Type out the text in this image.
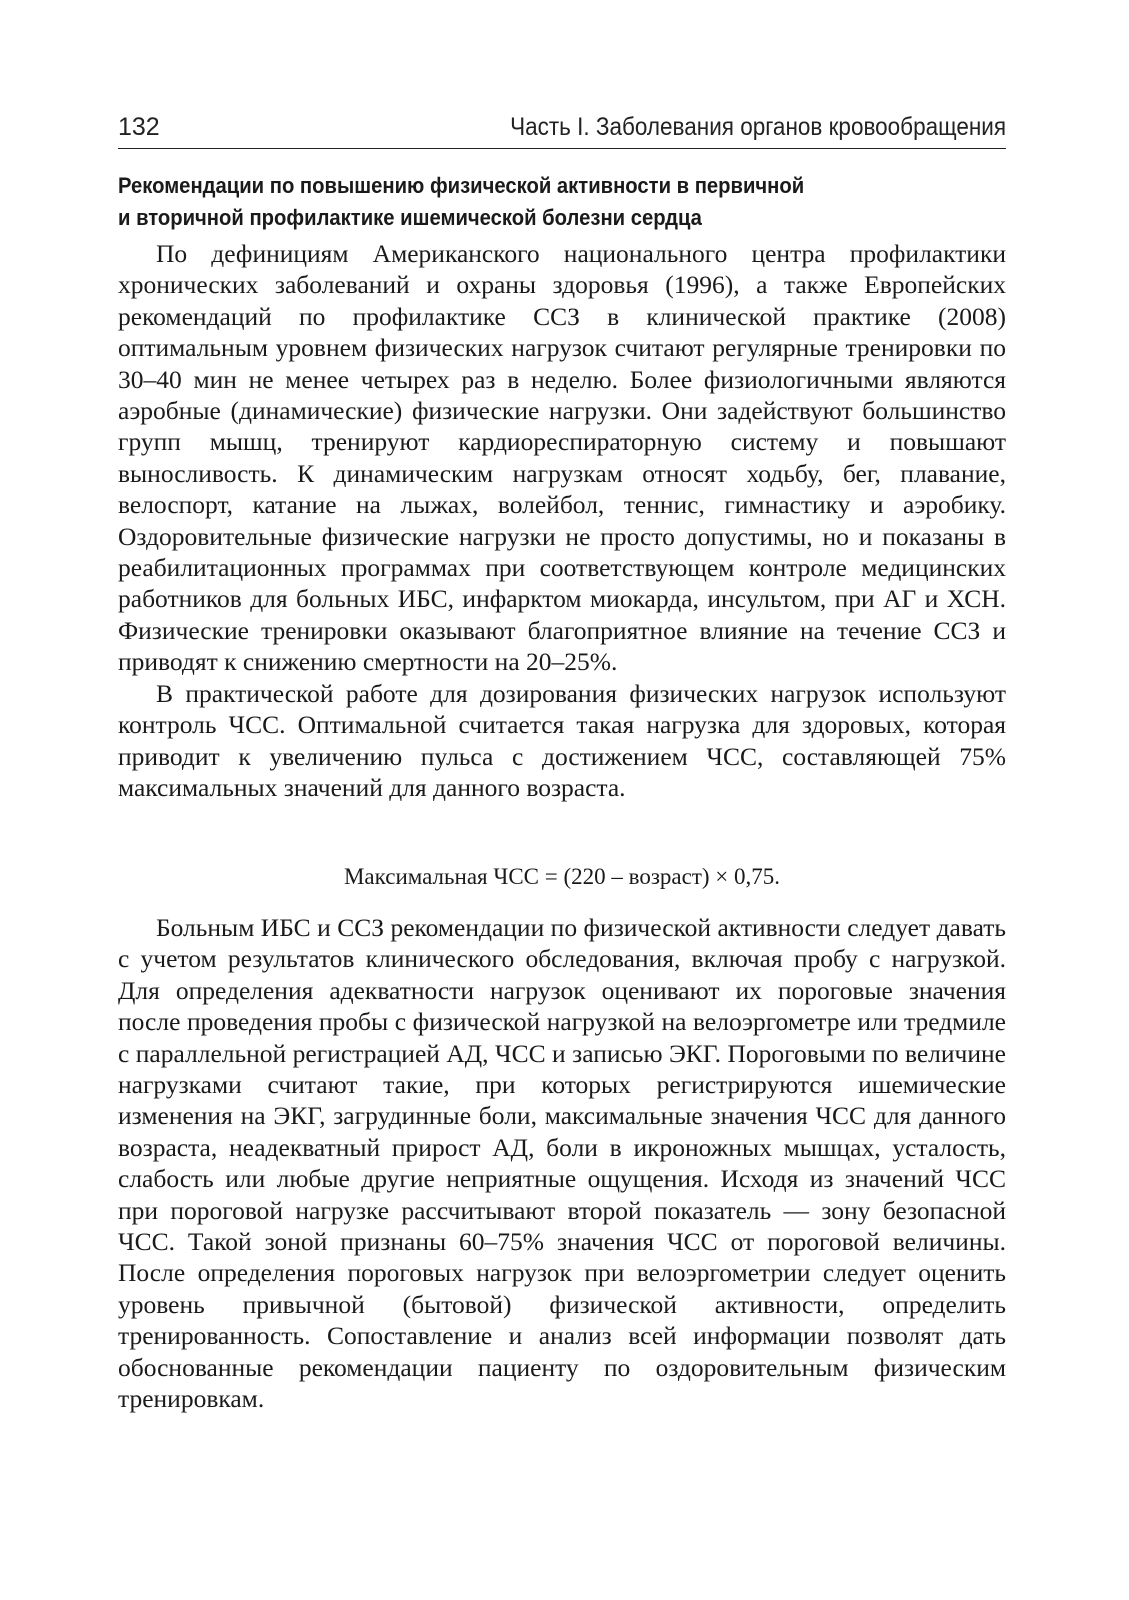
132	Часть I. Заболевания органов кровообращения
Рекомендации по повышению физической активности в первичной
и вторичной профилактике ишемической болезни сердца

По дефинициям Американского национального центра профилактики хронических заболеваний и охраны здоровья (1996), а также Европейских рекомендаций по профилактике ССЗ в клинической практике (2008) оптимальным уровнем физических нагрузок считают регулярные тренировки по 30–40 мин не менее четырех раз в неделю. Более физиологичными являются аэробные (динамические) физические нагрузки. Они задействуют большинство групп мышц, тренируют кардиореспираторную систему и повышают выносливость. К динамическим нагрузкам относят ходьбу, бег, плавание, велоспорт, катание на лыжах, волейбол, теннис, гимнастику и аэробику. Оздоровительные физические нагрузки не просто допустимы, но и показаны в реабилитационных программах при соответствующем контроле медицинских работников для больных ИБС, инфарктом миокарда, инсультом, при АГ и ХСН. Физические тренировки оказывают благоприятное влияние на течение ССЗ и приводят к снижению смертности на 20–25%.

В практической работе для дозирования физических нагрузок используют контроль ЧСС. Оптимальной считается такая нагрузка для здоровых, которая приводит к увеличению пульса с достижением ЧСС, составляющей 75% максимальных значений для данного возраста.

Максимальная ЧСС = (220 – возраст) × 0,75.

Больным ИБС и ССЗ рекомендации по физической активности следует давать с учетом результатов клинического обследования, включая пробу с нагрузкой. Для определения адекватности нагрузок оценивают их пороговые значения после проведения пробы с физической нагрузкой на велоэргометре или тредмиле с параллельной регистрацией АД, ЧСС и записью ЭКГ. Пороговыми по величине нагрузками считают такие, при которых регистрируются ишемические изменения на ЭКГ, загрудинные боли, максимальные значения ЧСС для данного возраста, неадекватный прирост АД, боли в икроножных мышцах, усталость, слабость или любые другие неприятные ощущения. Исходя из значений ЧСС при пороговой нагрузке рассчитывают второй показатель — зону безопасной ЧСС. Такой зоной признаны 60–75% значения ЧСС от пороговой величины. После определения пороговых нагрузок при велоэргометрии следует оценить уровень привычной (бытовой) физической активности, определить тренированность. Сопоставление и анализ всей информации позволят дать обоснованные рекомендации пациенту по оздоровительным физическим тренировкам.
